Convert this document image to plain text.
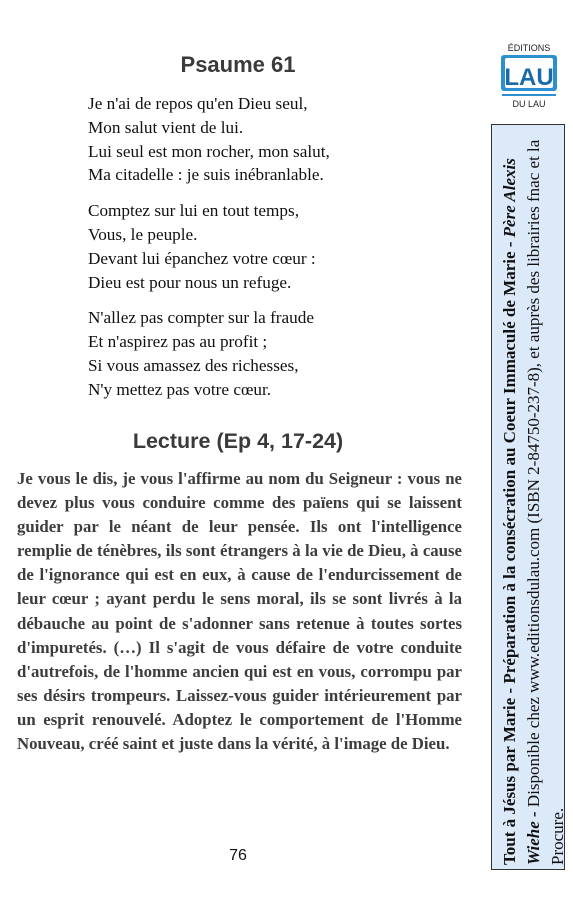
Psaume 61

Je n'ai de repos qu'en Dieu seul,
Mon salut vient de lui.
Lui seul est mon rocher, mon salut,
Ma citadelle : je suis inébranlable.

Comptez sur lui en tout temps,
Vous, le peuple.
Devant lui épanchez votre cœur :
Dieu est pour nous un refuge.

N'allez pas compter sur la fraude
Et n'aspirez pas au profit ;
Si vous amassez des richesses,
N'y mettez pas votre cœur.

Lecture (Ep 4, 17-24)

Je vous le dis, je vous l'affirme au nom du Seigneur : vous ne devez plus vous conduire comme des païens qui se laissent guider par le néant de leur pensée. Ils ont l'intelligence remplie de ténèbres, ils sont étrangers à la vie de Dieu, à cause de l'ignorance qui est en eux, à cause de l'endurcissement de leur cœur ; ayant perdu le sens moral, ils se sont livrés à la débauche au point de s'adonner sans retenue à toutes sortes d'impuretés. (…) Il s'agit de vous défaire de votre conduite d'autrefois, de l'homme ancien qui est en vous, corrompu par ses désirs trompeurs. Laissez-vous guider intérieurement par un esprit renouvelé. Adoptez le comportement de l'Homme Nouveau, créé saint et juste dans la vérité, à l'image de Dieu.

76
ÉDITIONS
LAU
DU LAU
Tout à Jésus par Marie - Préparation à la consécration au Coeur Immaculé de Marie - Père Alexis Wiehe - Disponible chez www.editionsdulau.com (ISBN 2-84750-237-8), et auprès des librairies fnac et la Procure.
